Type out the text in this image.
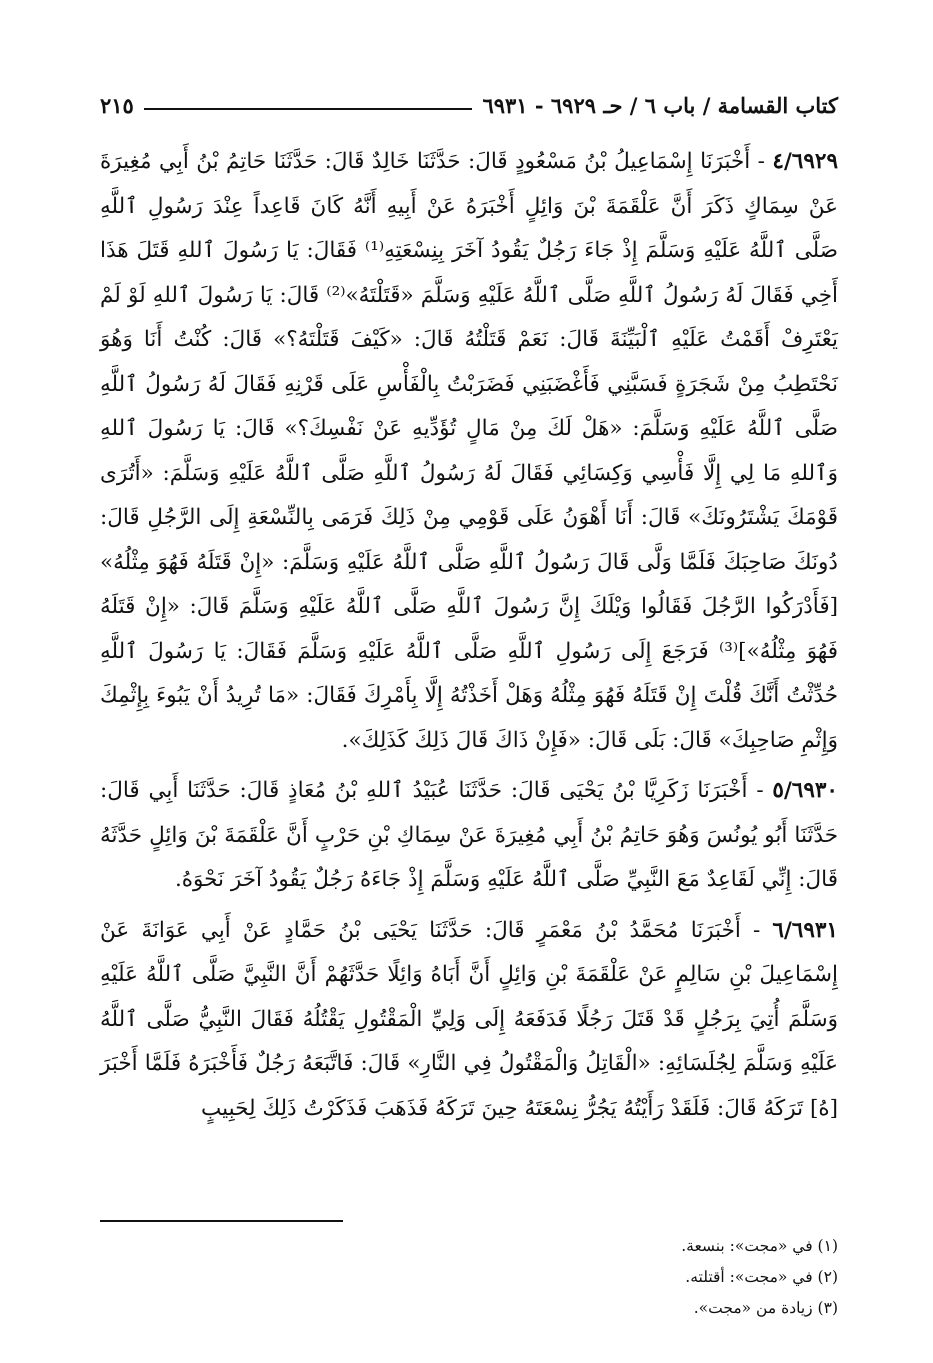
كتاب القسامة / باب ٦ / حـ ٦٩٢٩ - ٦٩٣١
٢١٥

٤/٦٩٢٩ - أَخْبَرَنَا إِسْمَاعِيلُ بْنُ مَسْعُودٍ قَالَ: حَدَّثَنَا خَالِدٌ قَالَ: حَدَّثَنَا حَاتِمُ بْنُ أَبِي مُغِيرَةَ عَنْ سِمَاكٍ ذَكَرَ أَنَّ عَلْقَمَةَ بْنَ وَائِلٍ أَخْبَرَهُ عَنْ أَبِيهِ أَنَّهُ كَانَ قَاعِداً عِنْدَ رَسُولِ ٱللَّهِ صَلَّى ٱللَّهُ عَلَيْهِ وَسَلَّمَ إِذْ جَاءَ رَجُلٌ يَقُودُ آخَرَ بِنِسْعَتِهِ⁽¹⁾ فَقَالَ: يَا رَسُولَ ٱللهِ قَتَلَ هَذَا أَخِي فَقَالَ لَهُ رَسُولُ ٱللَّهِ صَلَّى ٱللَّهُ عَلَيْهِ وَسَلَّمَ «قَتَلْتَهُ»⁽²⁾ قَالَ: يَا رَسُولَ ٱللهِ لَوْ لَمْ يَعْتَرِفْ أَقَمْتُ عَلَيْهِ ٱلْبَيِّنَةَ قَالَ: نَعَمْ قَتَلْتُهُ قَالَ: «كَيْفَ قَتَلْتَهُ؟» قَالَ: كُنْتُ أَنَا وَهُوَ نَحْتَطِبُ مِنْ شَجَرَةٍ فَسَبَّنِي فَأَغْضَبَنِي فَضَرَبْتُ بِالْفَأْسِ عَلَى قَرْنِهِ فَقَالَ لَهُ رَسُولُ ٱللَّهِ صَلَّى ٱللَّهُ عَلَيْهِ وَسَلَّمَ: «هَلْ لَكَ مِنْ مَالٍ تُؤَدِّيهِ عَنْ نَفْسِكَ؟» قَالَ: يَا رَسُولَ ٱللهِ وَٱللهِ مَا لِي إِلَّا فَأْسِي وَكِسَائِي فَقَالَ لَهُ رَسُولُ ٱللَّهِ صَلَّى ٱللَّهُ عَلَيْهِ وَسَلَّمَ: «أَتُرَى قَوْمَكَ يَشْتَرُونَكَ» قَالَ: أَنَا أَهْوَنُ عَلَى قَوْمِي مِنْ ذَلِكَ فَرَمَى بِالنِّسْعَةِ إِلَى الرَّجُلِ قَالَ: دُونَكَ صَاحِبَكَ فَلَمَّا وَلَّى قَالَ رَسُولُ ٱللَّهِ صَلَّى ٱللَّهُ عَلَيْهِ وَسَلَّمَ: «إِنْ قَتَلَهُ فَهُوَ مِثْلُهُ» [فَأَدْرَكُوا الرَّجُلَ فَقَالُوا وَيْلَكَ إِنَّ رَسُولَ ٱللَّهِ صَلَّى ٱللَّهُ عَلَيْهِ وَسَلَّمَ قَالَ: «إِنْ قَتَلَهُ فَهُوَ مِثْلُهُ»]⁽³⁾ فَرَجَعَ إِلَى رَسُولِ ٱللَّهِ صَلَّى ٱللَّهُ عَلَيْهِ وَسَلَّمَ فَقَالَ: يَا رَسُولَ ٱللَّهِ حُدِّثْتُ أَنَّكَ قُلْتَ إِنْ قَتَلَهُ فَهُوَ مِثْلُهُ وَهَلْ أَخَذْتُهُ إِلَّا بِأَمْرِكَ فَقَالَ: «مَا تُرِيدُ أَنْ يَبُوءَ بِإِثْمِكَ وَإِثْمِ صَاحِبِكَ» قَالَ: بَلَى قَالَ: «فَإِنْ ذَاكَ قَالَ ذَلِكَ كَذَلِكَ».

٥/٦٩٣٠ - أَخْبَرَنَا زَكَرِيَّا بْنُ يَحْيَى قَالَ: حَدَّثَنَا عُبَيْدُ ٱللهِ بْنُ مُعَاذٍ قَالَ: حَدَّثَنَا أَبِي قَالَ: حَدَّثَنَا أَبُو يُونُسَ وَهُوَ حَاتِمُ بْنُ أَبِي مُغِيرَةَ عَنْ سِمَاكِ بْنِ حَرْبٍ أَنَّ عَلْقَمَةَ بْنَ وَائِلٍ حَدَّثَهُ قَالَ: إِنِّي لَقَاعِدٌ مَعَ النَّبِيِّ صَلَّى ٱللَّهُ عَلَيْهِ وَسَلَّمَ إِذْ جَاءَهُ رَجُلٌ يَقُودُ آخَرَ نَحْوَهُ.

٦/٦٩٣١ - أَخْبَرَنَا مُحَمَّدُ بْنُ مَعْمَرٍ قَالَ: حَدَّثَنَا يَحْيَى بْنُ حَمَّادٍ عَنْ أَبِي عَوَانَةَ عَنْ إِسْمَاعِيلَ بْنِ سَالِمٍ عَنْ عَلْقَمَةَ بْنِ وَائِلٍ أَنَّ أَبَاهُ وَائِلًا حَدَّثَهُمْ أَنَّ النَّبِيَّ صَلَّى ٱللَّهُ عَلَيْهِ وَسَلَّمَ أُتِيَ بِرَجُلٍ قَدْ قَتَلَ رَجُلًا فَدَفَعَهُ إِلَى وَلِيِّ الْمَقْتُولِ يَقْتُلُهُ فَقَالَ النَّبِيُّ صَلَّى ٱللَّهُ عَلَيْهِ وَسَلَّمَ لِجُلَسَائِهِ: «الْقَاتِلُ وَالْمَقْتُولُ فِي النَّارِ» قَالَ: فَاتَّبَعَهُ رَجُلٌ فَأَخْبَرَهُ فَلَمَّا أَخْبَرَ [هُ] تَرَكَهُ قَالَ: فَلَقَدْ رَأَيْتُهُ يَجُرُّ نِسْعَتَهُ حِينَ تَرَكَهُ فَذَهَبَ فَذَكَرْتُ ذَلِكَ لِحَبِيبٍ

(١) في «مجت»: بنسعة.
(٢) في «مجت»: أقتلته.
(٣) زيادة من «مجت».
